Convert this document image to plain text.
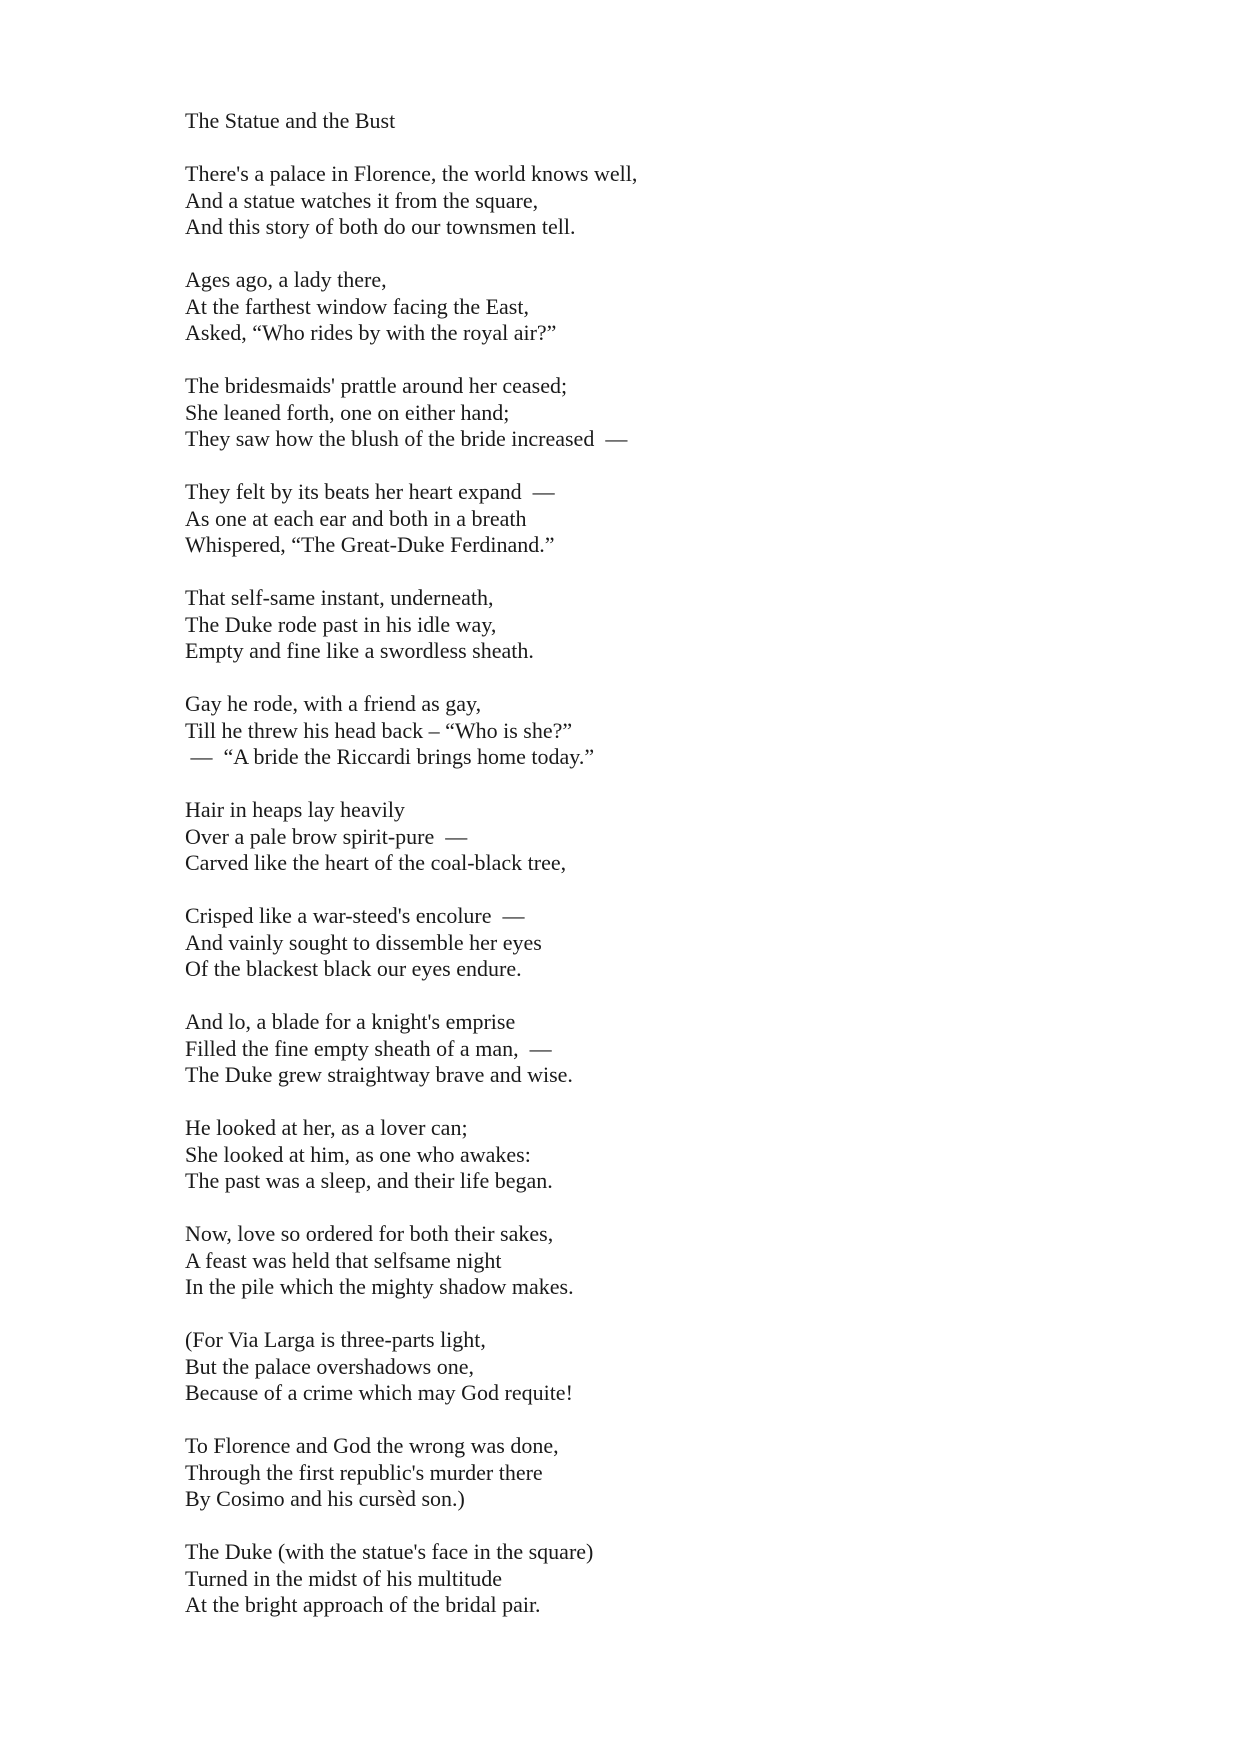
The Statue and the Bust
There's a palace in Florence, the world knows well,
And a statue watches it from the square,
And this story of both do our townsmen tell.
Ages ago, a lady there,
At the farthest window facing the East,
Asked, “Who rides by with the royal air?”
The bridesmaids' prattle around her ceased;
She leaned forth, one on either hand;
They saw how the blush of the bride increased  —
They felt by its beats her heart expand  —
As one at each ear and both in a breath
Whispered, “The Great-Duke Ferdinand.”
That self-same instant, underneath,
The Duke rode past in his idle way,
Empty and fine like a swordless sheath.
Gay he rode, with a friend as gay,
Till he threw his head back – “Who is she?”
—  “A bride the Riccardi brings home today.”
Hair in heaps lay heavily
Over a pale brow spirit-pure  —
Carved like the heart of the coal-black tree,
Crisped like a war-steed's encolure  —
And vainly sought to dissemble her eyes
Of the blackest black our eyes endure.
And lo, a blade for a knight's emprise
Filled the fine empty sheath of a man,  —
The Duke grew straightway brave and wise.
He looked at her, as a lover can;
She looked at him, as one who awakes:
The past was a sleep, and their life began.
Now, love so ordered for both their sakes,
A feast was held that selfsame night
In the pile which the mighty shadow makes.
(For Via Larga is three-parts light,
But the palace overshadows one,
Because of a crime which may God requite!
To Florence and God the wrong was done,
Through the first republic's murder there
By Cosimo and his cursèd son.)
The Duke (with the statue's face in the square)
Turned in the midst of his multitude
At the bright approach of the bridal pair.
